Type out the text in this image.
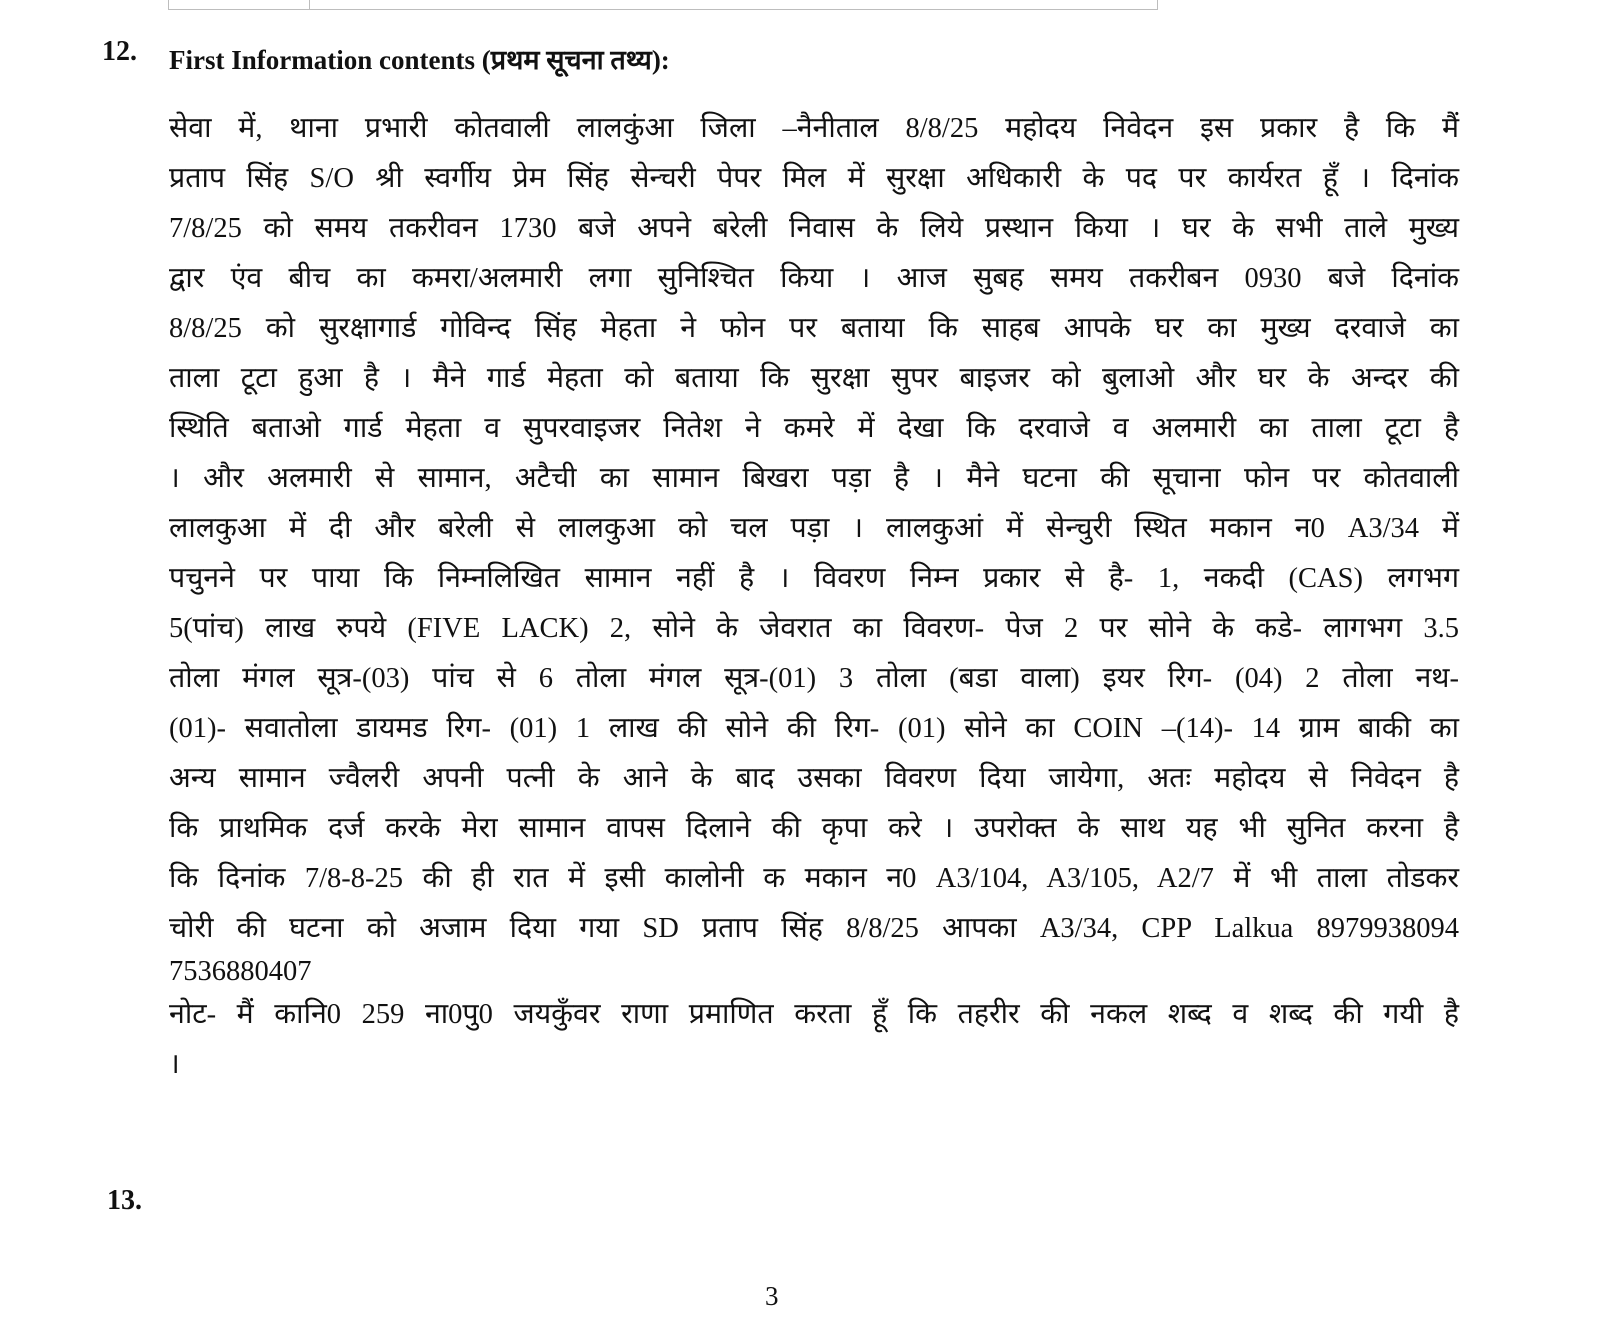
12. First Information contents (प्रथम सूचना तथ्य):
सेवा में, थाना प्रभारी कोतवाली लालकुंआ जिला –नैनीताल 8/8/25 महोदय निवेदन इस प्रकार है कि मैं
प्रताप सिंह S/O श्री स्वर्गीय प्रेम सिंह सेन्चरी पेपर मिल में सुरक्षा अधिकारी के पद पर कार्यरत हूँ । दिनांक
7/8/25 को समय तकरीवन 1730 बजे अपने बरेली निवास के लिये प्रस्थान किया । घर के सभी ताले मुख्य
द्वार एंव बीच का कमरा/अलमारी लगा सुनिश्चित किया । आज सुबह समय तकरीबन 0930 बजे दिनांक
8/8/25 को सुरक्षागार्ड गोविन्द सिंह मेहता ने फोन पर बताया कि साहब आपके घर का मुख्य दरवाजे का
ताला टूटा हुआ है । मैने गार्ड मेहता को बताया कि सुरक्षा सुपर बाइजर को बुलाओ और घर के अन्दर की
स्थिति बताओ गार्ड मेहता व सुपरवाइजर नितेश ने कमरे में देखा कि दरवाजे व अलमारी का ताला टूटा है
। और अलमारी से सामान, अटैची का सामान बिखरा पड़ा है । मैने घटना की सूचाना फोन पर कोतवाली
लालकुआ में दी और बरेली से लालकुआ को चल पड़ा । लालकुआं में सेन्चुरी स्थित मकान न0 A3/34 में
पचुनने पर पाया कि निम्नलिखित सामान नहीं है । विवरण निम्न प्रकार से है- 1, नकदी (CAS) लगभग
5(पांच) लाख रुपये (FIVE LACK) 2, सोने के जेवरात का विवरण- पेज 2 पर सोने के कडे- लागभग 3.5
तोला मंगल सूत्र-(03) पांच से 6 तोला मंगल सूत्र-(01) 3 तोला (बडा वाला) इयर रिग- (04) 2 तोला नथ-
(01)- सवातोला डायमड रिग- (01) 1 लाख की सोने की रिग- (01) सोने का COIN –(14)- 14 ग्राम बाकी का
अन्य सामान ज्वैलरी अपनी पत्नी के आने के बाद उसका विवरण दिया जायेगा, अतः महोदय से निवेदन है
कि प्राथमिक दर्ज करके मेरा सामान वापस दिलाने की कृपा करे । उपरोक्त के साथ यह भी सुनित करना है
कि दिनांक 7/8-8-25 की ही रात में इसी कालोनी क मकान न0 A3/104, A3/105, A2/7 में भी ताला तोडकर
चोरी की घटना को अजाम दिया गया SD प्रताप सिंह 8/8/25 आपका A3/34, CPP Lalkua 8979938094
7536880407
नोट- मैं कानि0 259 ना0पु0 जयकुँवर राणा प्रमाणित करता हूँ कि तहरीर की नकल शब्द व शब्द की गयी है
।
13.
3
